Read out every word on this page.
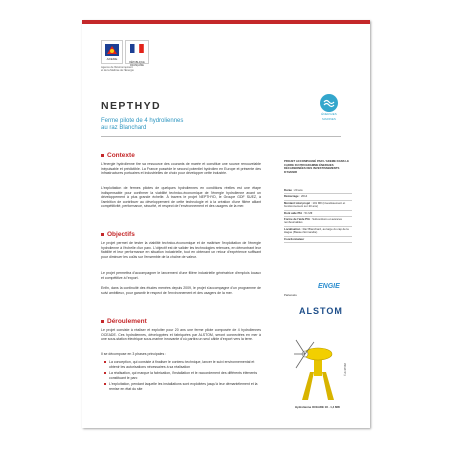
ADEME
RÉPUBLIQUE FRANÇAISE
Agence de l'Environnement
et de la Maîtrise de l'Énergie
NEPTHYD
ÉNERGIES
MARINES
Ferme pilote de 4 hydroliennes
au raz Blanchard
Contexte
L'énergie hydrolienne tire sa ressource des courants de marée et constitue une source renouvelable inépuisable et prédictible. La France possède le second potentiel hydrolien en Europe et présente des infrastructures portuaires et industrielles de choix pour développer cette industrie.
L'exploitation de fermes pilotes de quelques hydroliennes en conditions réelles est une étape indispensable pour confirmer la viabilité technico-économique de l'énergie hydrolienne avant un développement à plus grande échelle. À travers le projet NEPTHYD, le Groupe GDF SUEZ, à l'ambition de contribuer au développement de cette technologie et à la création d'une filière alliant compétitivité, performance, sécurité, et respect de l'environnement et des usagers de la mer.
Objectifs
Le projet permet de tester la viabilité technico-économique et de maîtriser l'exploitation de l'énergie hydrolienne à l'échelle d'un parc. L'objectif est de valider les technologies retenues, en démontrant leur fiabilité et leur performance en situation industrielle, tout en obtenant un retour d'expérience suffisant pour diminuer les coûts sur l'ensemble de la chaîne de valeur.
Le projet permettra d'accompagner le lancement d'une filière industrielle génératrice d'emplois locaux et compétitive à l'export.
Enfin, dans la continuité des études menées depuis 2009, le projet s'accompagne d'un programme de suivi ambitieux, pour garantir le respect de l'environnement et des usagers de la mer.
Déroulement
Le projet consiste à réaliser et exploiter pour 20 ans une ferme pilote composée de 4 hydroliennes OCEADE. Ces hydroliennes, développées et fabriquées par ALSTOM, seront connectées en mer à une sous-station électrique sous-marine innovante d'où partira un seul câble d'export vers la terre.
Il se décompose en 3 phases principales :
La conception, qui consiste à finaliser le contenu technique, lancer le suivi environnemental et obtenir les autorisations nécessaires à sa réalisation
La réalisation, qui marque la fabrication, l'installation et le raccordement des différents éléments constituant le parc
L'exploitation, pendant laquelle les installations sont exploitées jusqu'à leur démantèlement et la remise en état du site
PROJET ACCOMPAGNÉ PAR L'ADEME DANS LE CADRE DU PROGRAMME ÉNERGIES DÉCARBONÉES DES INVESTISSEMENTS D'AVENIR
Durée : 20 ans
Démarrage : 2014
Montant total projet : 101 M€ (investissement et fonctionnement sur 20 ans)
Dont aide PIA : 51 M€
Forme de l'aide PIA : Subventions et avances remboursables
Localisation : Raz Blanchard, au large du cap de la Hague (Basse-Normandie)
Coordonnateur
ENGIE
Partenaire
ALSTOM
© ALSTOM
Hydrolienne OCEADE 18 - 1,4 MW
